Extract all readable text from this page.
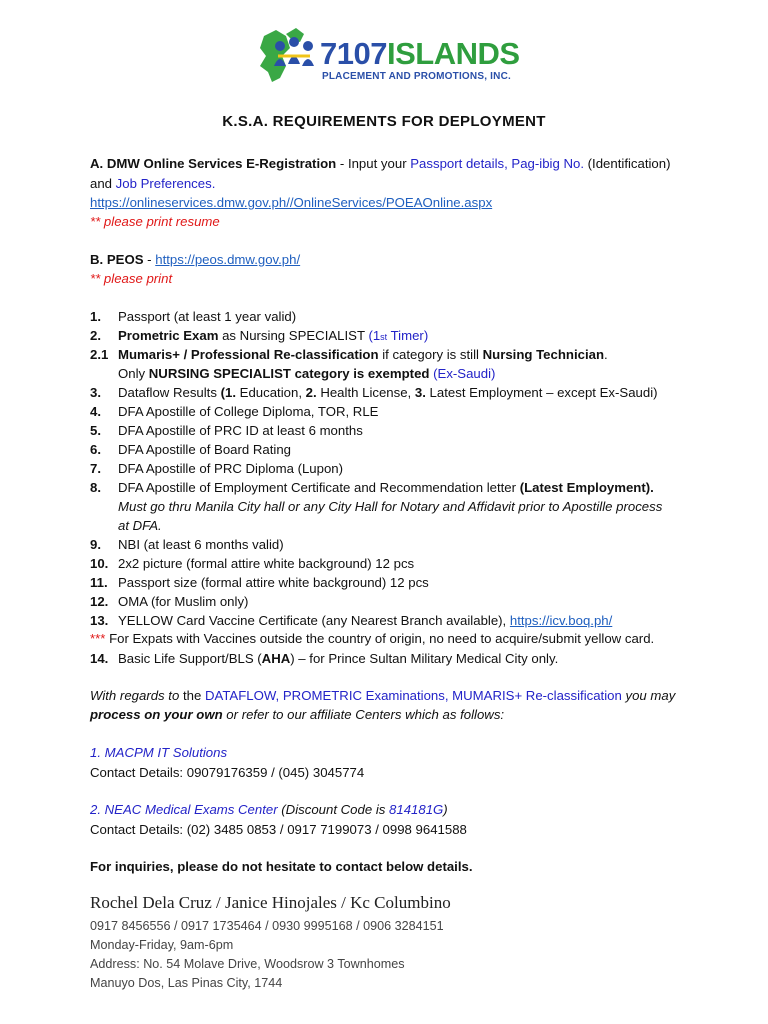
7107ISLANDS
PLACEMENT AND PROMOTIONS, INC.
K.S.A. REQUIREMENTS FOR DEPLOYMENT
A. DMW Online Services E-Registration - Input your Passport details, Pag-ibig No. (Identification)
and Job Preferences.
https://onlineservices.dmw.gov.ph//OnlineServices/POEAOnline.aspx
** please print resume
B. PEOS - https://peos.dmw.gov.ph/
** please print
1. Passport (at least 1 year valid)
2. Prometric Exam as Nursing SPECIALIST (1st Timer)
2.1 Mumaris+ / Professional Re-classification if category is still Nursing Technician.
Only NURSING SPECIALIST category is exempted (Ex-Saudi)
3. Dataflow Results (1. Education, 2. Health License, 3. Latest Employment – except Ex-Saudi)
4. DFA Apostille of College Diploma, TOR, RLE
5. DFA Apostille of PRC ID at least 6 months
6. DFA Apostille of Board Rating
7. DFA Apostille of PRC Diploma (Lupon)
8. DFA Apostille of Employment Certificate and Recommendation letter (Latest Employment).
Must go thru Manila City hall or any City Hall for Notary and Affidavit prior to Apostille process
at DFA.
9. NBI (at least 6 months valid)
10. 2x2 picture (formal attire white background) 12 pcs
11. Passport size (formal attire white background) 12 pcs
12. OMA (for Muslim only)
13. YELLOW Card Vaccine Certificate (any Nearest Branch available), https://icv.boq.ph/
*** For Expats with Vaccines outside the country of origin, no need to acquire/submit yellow card.
14. Basic Life Support/BLS (AHA) – for Prince Sultan Military Medical City only.
With regards to the DATAFLOW, PROMETRIC Examinations, MUMARIS+ Re-classification you may
process on your own or refer to our affiliate Centers which as follows:
1. MACPM IT Solutions
Contact Details: 09079176359 / (045) 3045774
2. NEAC Medical Exams Center (Discount Code is 814181G)
Contact Details: (02) 3485 0853 / 0917 7199073 / 0998 9641588
For inquiries, please do not hesitate to contact below details.
Rochel Dela Cruz / Janice Hinojales / Kc Columbino
0917 8456556 / 0917 1735464 / 0930 9995168 / 0906 3284151
Monday-Friday, 9am-6pm
Address: No. 54 Molave Drive, Woodsrow 3 Townhomes
Manuyo Dos, Las Pinas City, 1744
